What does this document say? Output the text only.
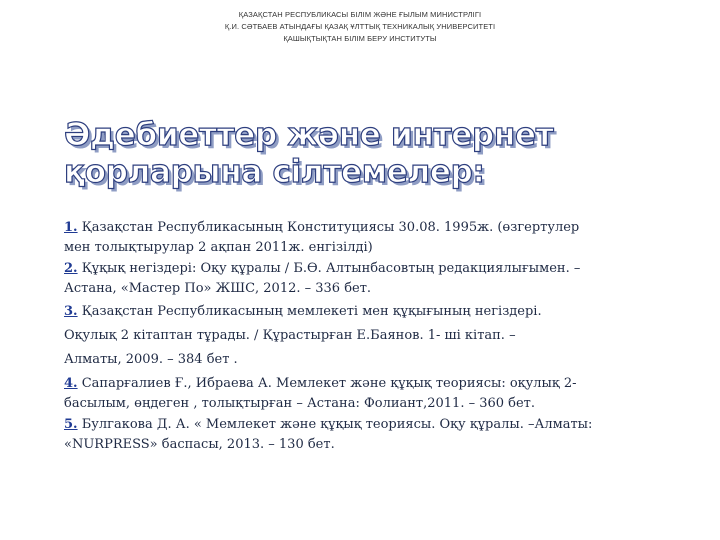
ҚАЗАҚСТАН РЕСПУБЛИКАСЫ БІЛІМ ЖӘНЕ ҒЫЛЫМ МИНИСТРЛІГІ
Қ.И. СӘТБАЕВ АТЫНДАҒЫ ҚАЗАҚ ҰЛТТЫҚ ТЕХНИКАЛЫҚ УНИВЕРСИТЕТІ
ҚАШЫҚТЫҚТАН БІЛІМ БЕРУ ИНСТИТУТЫ
Әдебиеттер және интернет
қорларына сілтемелер:
1. Қазақстан Республикасының Конституциясы 30.08. 1995ж. (өзгертулер
мен толықтырулар 2 ақпан 2011ж. енгізілді)
2. Құқық негіздері: Оқу құралы / Б.Ө. Алтынбасовтың редакциялығымен. –
Астана, «Мастер По» ЖШС, 2012. – 336 бет.
3. Қазақстан Республикасының мемлекеті мен құқығының негіздері.
Оқулық 2 кітаптан тұрады. / Құрастырған Е.Баянов. 1- ші кітап. –
Алматы, 2009. – 384 бет .
4. Сапарғалиев Ғ., Ибраева А. Мемлекет және құқық теориясы: оқулық 2-
басылым, өңдеген , толықтырған – Астана: Фолиант,2011. – 360 бет.
5. Булгакова Д. А. « Мемлекет және құқық теориясы. Оқу құралы. –Алматы:
«NURPRESS» баспасы, 2013. – 130 бет.
